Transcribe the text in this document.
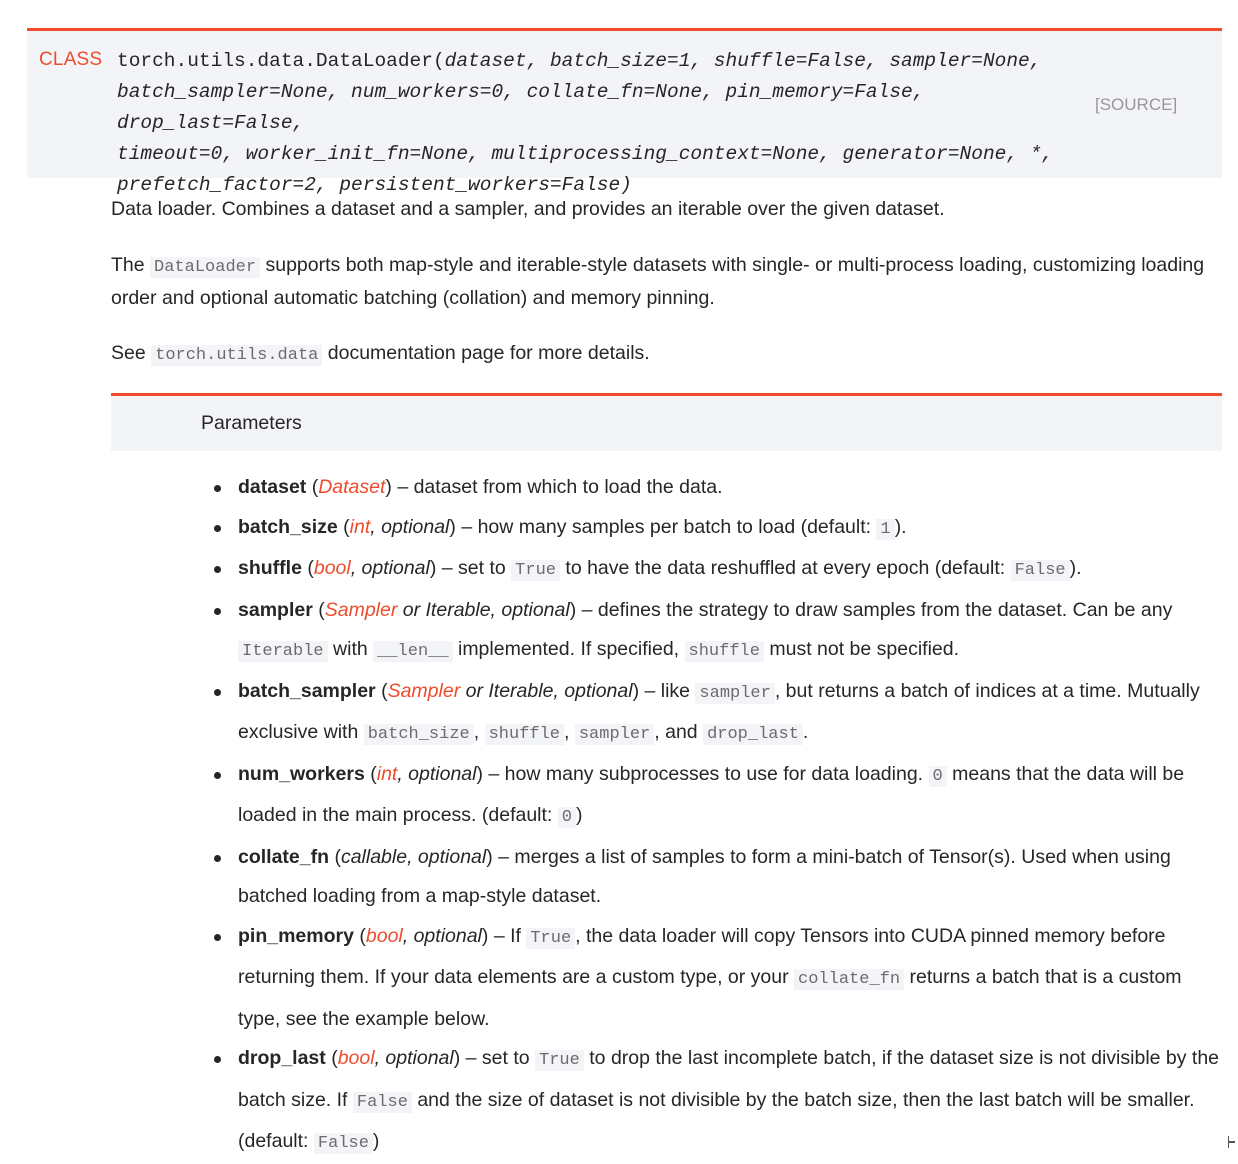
CLASS torch.utils.data.DataLoader(dataset, batch_size=1, shuffle=False, sampler=None,
batch_sampler=None, num_workers=0, collate_fn=None, pin_memory=False, drop_last=False,
timeout=0, worker_init_fn=None, multiprocessing_context=None, generator=None, *,
prefetch_factor=2, persistent_workers=False)
[SOURCE]
Data loader. Combines a dataset and a sampler, and provides an iterable over the given dataset.
The DataLoader supports both map-style and iterable-style datasets with single- or multi-process loading, customizing loading order and optional automatic batching (collation) and memory pinning.
See torch.utils.data documentation page for more details.
Parameters
dataset (Dataset) – dataset from which to load the data.
batch_size (int, optional) – how many samples per batch to load (default: 1 ).
shuffle (bool, optional) – set to True to have the data reshuffled at every epoch (default: False ).
sampler (Sampler or Iterable, optional) – defines the strategy to draw samples from the dataset. Can be any Iterable with __len__ implemented. If specified, shuffle must not be specified.
batch_sampler (Sampler or Iterable, optional) – like sampler , but returns a batch of indices at a time. Mutually exclusive with batch_size , shuffle , sampler , and drop_last .
num_workers (int, optional) – how many subprocesses to use for data loading. 0 means that the data will be loaded in the main process. (default: 0 )
collate_fn (callable, optional) – merges a list of samples to form a mini-batch of Tensor(s). Used when using batched loading from a map-style dataset.
pin_memory (bool, optional) – If True , the data loader will copy Tensors into CUDA pinned memory before returning them. If your data elements are a custom type, or your collate_fn returns a batch that is a custom type, see the example below.
drop_last (bool, optional) – set to True to drop the last incomplete batch, if the dataset size is not divisible by the batch size. If False and the size of dataset is not divisible by the batch size, then the last batch will be smaller. (default: False )
